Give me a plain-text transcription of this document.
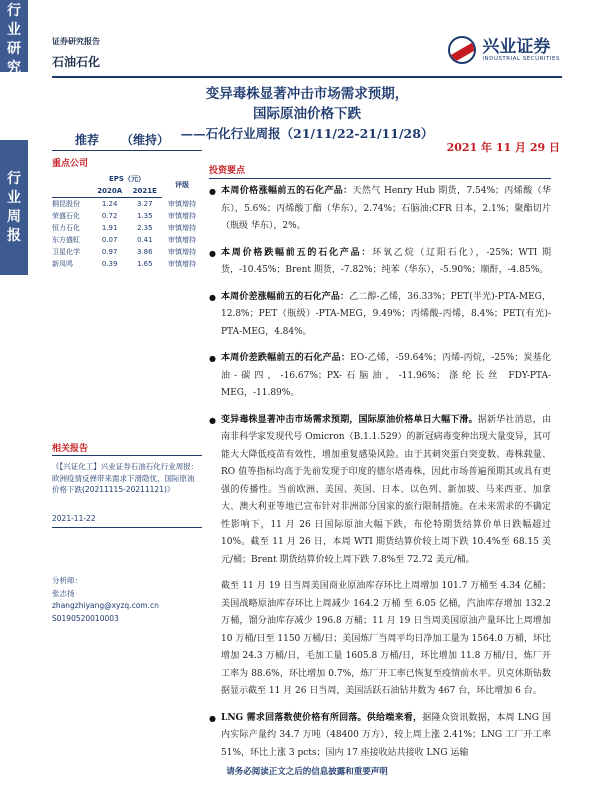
行
业
研
究
行
业
周
报
证券研究报告
石油石化
兴业证券
INDUSTRIAL SECURITIES
变异毒株显著冲击市场需求预期，
国际原油价格下跌
——石化行业周报（21/11/22-21/11/28）
推荐 （维持）
2021 年 11 月 29 日
重点公司
	EPS（元）		评级
	2020A	2021E	
桐昆股份	1.24	3.27	审慎增持
荣盛石化	0.72	1.35	审慎增持
恒力石化	1.91	2.35	审慎增持
东方盛虹	0.07	0.41	审慎增持
卫星化学	0.97	3.86	审慎增持
新凤鸣	0.39	1.65	审慎增持
相关报告
《【兴证化工】兴业证券石油石化行业周报：欧洲疫情反弹带来需求下滑隐忧，国际原油价格下跌(20211115-20211121)》
2021-11-22
分析师：
张志扬
zhangzhiyang@xyzq.com.cn
S0190520010003
投资要点
● 本周价格涨幅前五的石化产品：天然气 Henry Hub 期货，7.54%；丙烯酸（华东），5.6%；丙烯酸丁酯（华东），2.74%；石脑油:CFR 日本，2.1%；聚酯切片（瓶级 华东），2%。
● 本周价格跌幅前五的石化产品：环氧乙烷（辽阳石化），-25%；WTI 期货，-10.45%；Brent 期货，-7.82%；纯苯（华东），-5.90%；顺酐，-4.85%。
● 本周价差涨幅前五的石化产品：乙二醇-乙烯，36.33%；PET(半光)-PTA-MEG，12.8%；PET（瓶级）-PTA-MEG，9.49%；丙烯酸-丙烯，8.4%；PET(有光)- PTA-MEG，4.84%。
● 本周价差跌幅前五的石化产品：EO-乙烯，-59.64%；丙烯-丙烷，-25%；炭基化油-碳四，-16.67%；PX-石脑油，-11.96%；涤纶长丝 FDY-PTA-MEG，-11.89%。
● 变异毒株显著冲击市场需求预期，国际原油价格单日大幅下滑。据新华社消息，由南非科学家发现代号 Omicron（B.1.1.529）的新冠病毒变种出现大量变异，其可能大大降低疫苗有效性，增加重复感染风险。由于其刺突蛋白突变数、毒株载量、RO 值等指标均高于先前发现于印度的德尔塔毒株，因此市场普遍预期其或具有更强的传播性。当前欧洲、美国、英国、日本、以色列、新加坡、马来西亚、加拿大、澳大利亚等地已宣布针对非洲部分国家的旅行限制措施。在未来需求的不确定性影响下，11 月 26 日国际原油大幅下跌，布伦特期货结算价单日跌幅超过 10%。截至 11 月 26 日，本周 WTI 期货结算价较上周下跌 10.4%至 68.15 美元/桶；Brent 期货结算价较上周下跌 7.8%至 72.72 美元/桶。
截至 11 月 19 日当周美国商业原油库存环比上周增加 101.7 万桶至 4.34 亿桶；美国战略原油库存环比上周减少 164.2 万桶 至 6.05 亿桶，汽油库存增加 132.2 万桶，馏分油库存减少 196.8 万桶；11 月 19 日当周美国原油产量环比上周增加 10 万桶/日至 1150 万桶/日；美国炼厂当周平均日净加工量为 1564.0 万桶，环比增加 24.3 万桶/日，毛加工量 1605.8 万桶/日，环比增加 11.8 万桶/日，炼厂开工率为 88.6%，环比增加 0.7%，炼厂开工率已恢复至疫情前水平。贝克休斯钻数据显示截至 11 月 26 日当周，美国活跃石油钻井数为 467 台，环比增加 6 台。
● LNG 需求回落数使价格有所回落。供给端来看，据隆众资讯数据，本周 LNG 国内实际产量约 34.7 万吨（48400 万方），较上周上涨 2.41%；LNG 工厂开工率 51%，环比上涨 3 pcts；国内 17 座接收站共接收 LNG 运输
请务必阅读正文之后的信息披露和重要声明
